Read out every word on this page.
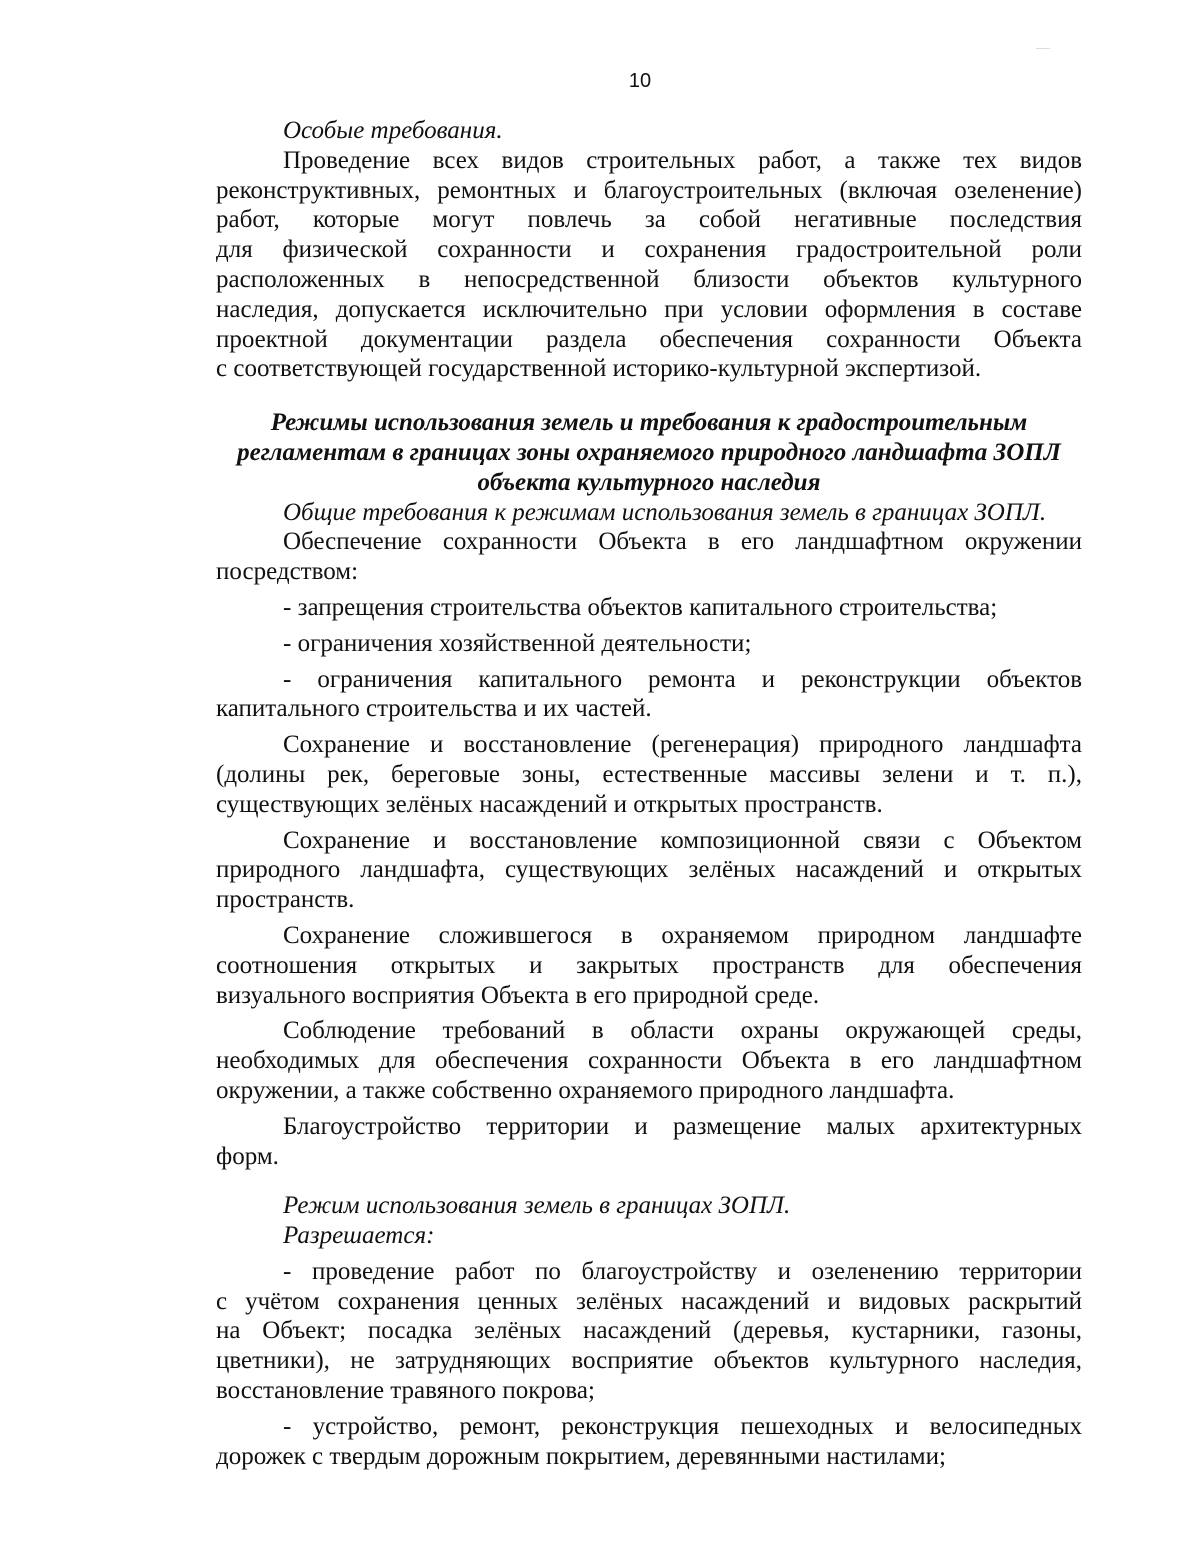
10
Особые требования.
Проведение всех видов строительных работ, а также тех видов
реконструктивных, ремонтных и благоустроительных (включая озеленение)
работ, которые могут повлечь за собой негативные последствия
для физической сохранности и сохранения градостроительной роли
расположенных в непосредственной близости объектов культурного
наследия, допускается исключительно при условии оформления в составе
проектной документации раздела обеспечения сохранности Объекта
с соответствующей государственной историко-культурной экспертизой.
Режимы использования земель и требования к градостроительным
регламентам в границах зоны охраняемого природного ландшафта ЗОПЛ
объекта культурного наследия
Общие требования к режимам использования земель в границах ЗОПЛ.
Обеспечение сохранности Объекта в его ландшафтном окружении
посредством:
- запрещения строительства объектов капитального строительства;
- ограничения хозяйственной деятельности;
- ограничения капитального ремонта и реконструкции объектов
капитального строительства и их частей.
Сохранение и восстановление (регенерация) природного ландшафта
(долины рек, береговые зоны, естественные массивы зелени и т. п.),
существующих зелёных насаждений и открытых пространств.
Сохранение и восстановление композиционной связи с Объектом
природного ландшафта, существующих зелёных насаждений и открытых
пространств.
Сохранение сложившегося в охраняемом природном ландшафте
соотношения открытых и закрытых пространств для обеспечения
визуального восприятия Объекта в его природной среде.
Соблюдение требований в области охраны окружающей среды,
необходимых для обеспечения сохранности Объекта в его ландшафтном
окружении, а также собственно охраняемого природного ландшафта.
Благоустройство территории и размещение малых архитектурных
форм.
Режим использования земель в границах ЗОПЛ.
Разрешается:
- проведение работ по благоустройству и озеленению территории
с учётом сохранения ценных зелёных насаждений и видовых раскрытий
на Объект; посадка зелёных насаждений (деревья, кустарники, газоны,
цветники), не затрудняющих восприятие объектов культурного наследия,
восстановление травяного покрова;
- устройство, ремонт, реконструкция пешеходных и велосипедных
дорожек с твердым дорожным покрытием, деревянными настилами;
